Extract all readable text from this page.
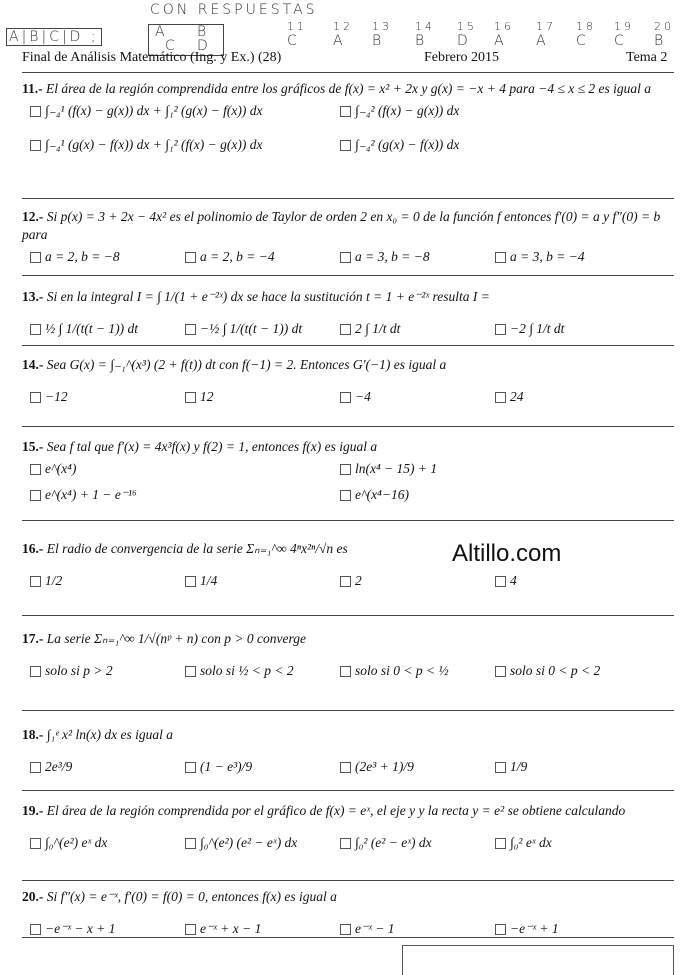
CON RESPUESTAS
A|B|C|D ;	A B
C D
11
C
12
A
13
B
14
B
15
D
16
A
17
A
18
C
19
C
20
B
Final de Análisis Matemático (Ing. y Ex.) (28)	Febrero 2015	Tema 2
11.- El área de la región comprendida entre los gráficos de f(x) = x² + 2x y g(x) = −x + 4 para −4 ≤ x ≤ 2 es igual a
∫₋₄¹ (f(x) − g(x)) dx + ∫₁² (g(x) − f(x)) dx	∫₋₄² (f(x) − g(x)) dx
∫₋₄¹ (g(x) − f(x)) dx + ∫₁² (f(x) − g(x)) dx	∫₋₄² (g(x) − f(x)) dx
12.- Si p(x) = 3 + 2x − 4x² es el polinomio de Taylor de orden 2 en x₀ = 0 de la función f entonces f′(0) = a y f″(0) = b para
a = 2, b = −8	a = 2, b = −4	a = 3, b = −8	a = 3, b = −4
13.- Si en la integral I = ∫ 1/(1 + e⁻²ˣ) dx se hace la sustitución t = 1 + e⁻²ˣ resulta I =
½ ∫ 1/(t(t − 1)) dt	−½ ∫ 1/(t(t − 1)) dt	2 ∫ 1/t dt	−2 ∫ 1/t dt
14.- Sea G(x) = ∫₋₁^(x³) (2 + f(t)) dt con f(−1) = 2. Entonces G′(−1) es igual a
−12	12	−4	24
15.- Sea f tal que f′(x) = 4x³f(x) y f(2) = 1, entonces f(x) es igual a
e^(x⁴)	ln(x⁴ − 15) + 1
e^(x⁴) + 1 − e⁻¹⁶	e^(x⁴−16)
16.- El radio de convergencia de la serie Σₙ₌₁^∞ 4ⁿx²ⁿ/√n es
1/2	1/4	2	4
17.- La serie Σₙ₌₁^∞ 1/√(nᵖ + n) con p > 0 converge
solo si p > 2	solo si ½ < p < 2	solo si 0 < p < ½	solo si 0 < p < 2
18.- ∫₁ᵉ x² ln(x) dx es igual a
2e³/9	(1 − e³)/9	(2e³ + 1)/9	1/9
19.- El área de la región comprendida por el gráfico de f(x) = eˣ, el eje y y la recta y = e² se obtiene calculando
∫₀^(e²) eˣ dx	∫₀^(e²) (e² − eˣ) dx	∫₀² (e² − eˣ) dx	∫₀² eˣ dx
20.- Si f″(x) = e⁻ˣ, f′(0) = f(0) = 0, entonces f(x) es igual a
−e⁻ˣ − x + 1	e⁻ˣ + x − 1	e⁻ˣ − 1	−e⁻ˣ + 1
Altillo.com
